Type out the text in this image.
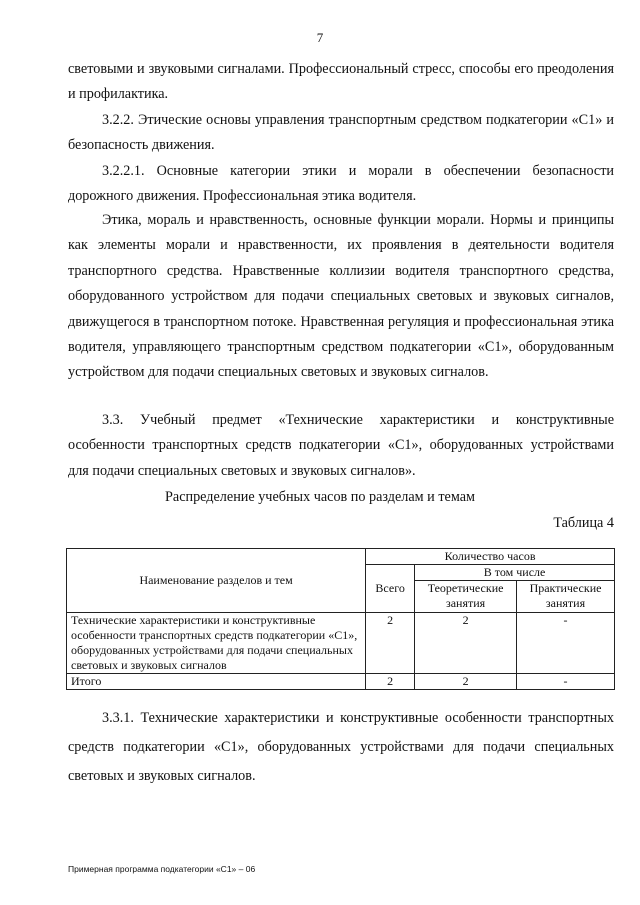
7

световыми и звуковыми сигналами. Профессиональный стресс, способы его преодоления и профилактика.

3.2.2. Этические основы управления транспортным средством подкатегории «С1» и безопасность движения.

3.2.2.1. Основные категории этики и морали в обеспечении безопасности дорожного движения. Профессиональная этика водителя.

Этика, мораль и нравственность, основные функции морали. Нормы и принципы как элементы морали и нравственности, их проявления в деятельности водителя транспортного средства. Нравственные коллизии водителя транспортного средства, оборудованного устройством для подачи специальных световых и звуковых сигналов, движущегося в транспортном потоке. Нравственная регуляция и профессиональная этика водителя, управляющего транспортным средством подкатегории «С1», оборудованным устройством для подачи специальных световых и звуковых сигналов.

3.3. Учебный предмет «Технические характеристики и конструктивные особенности транспортных средств подкатегории «С1», оборудованных устройствами для подачи специальных световых и звуковых сигналов».

Распределение учебных часов по разделам и темам
Таблица 4
Наименование разделов и тем	Количество часов		
	Всего	В том числе	
		Теоретические занятия	Практические занятия
Технические характеристики и конструктивные особенности транспортных средств подкатегории «С1», оборудованных устройствами для подачи специальных световых и звуковых сигналов	2	2	-
Итого	2	2	-

3.3.1. Технические характеристики и конструктивные особенности транспортных средств подкатегории «С1», оборудованных устройствами для подачи специальных световых и звуковых сигналов.

Примерная программа подкатегории «С1» – 06
